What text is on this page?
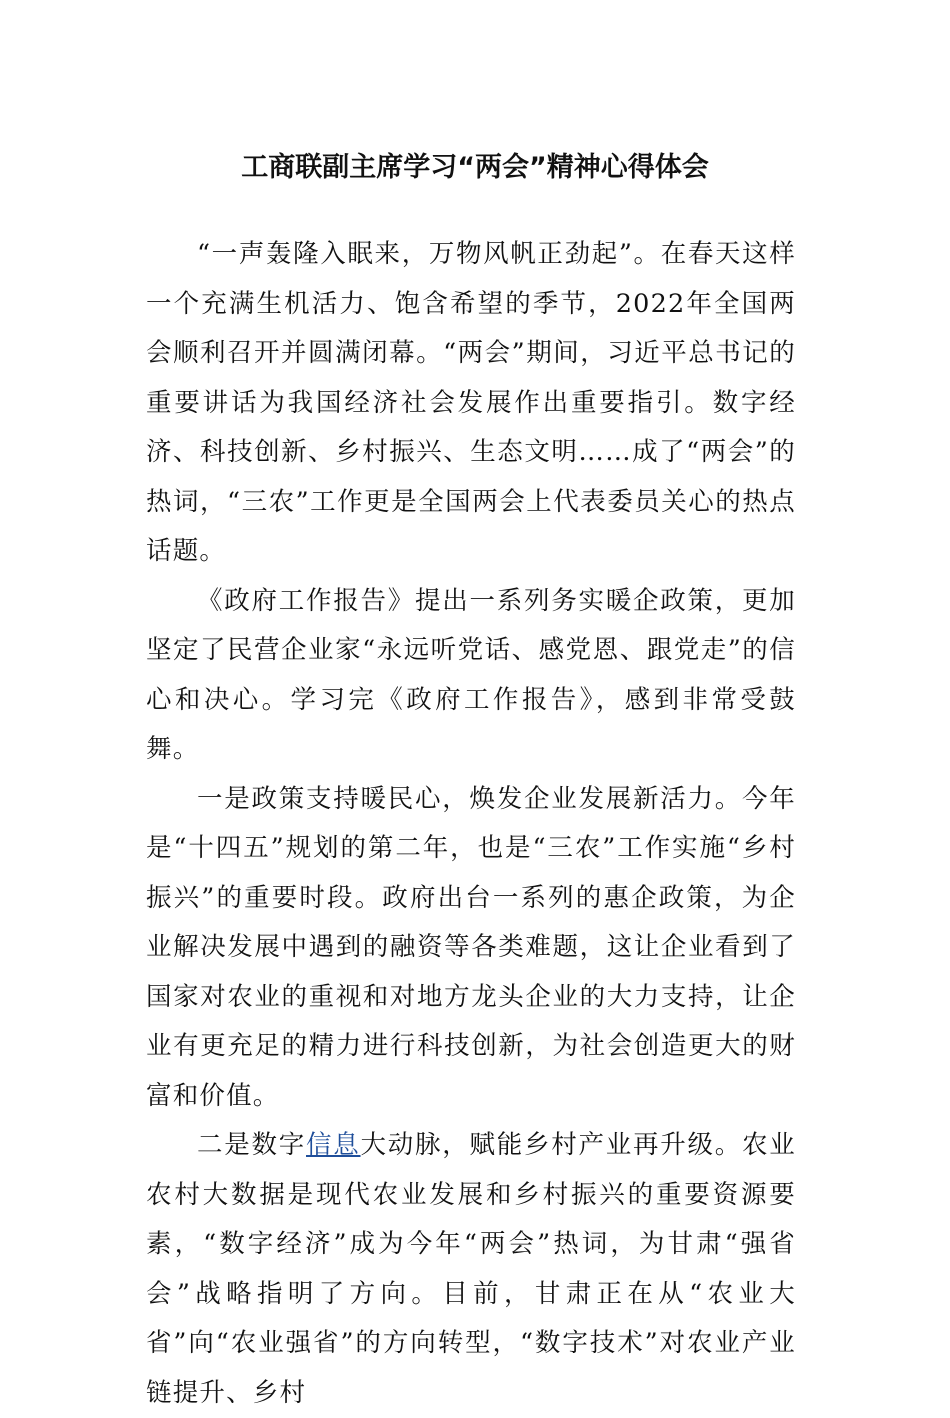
工商联副主席学习“两会”精神心得体会

“一声轰隆入眠来，万物风帆正劲起”。在春天这样一个充满生机活力、饱含希望的季节，2022年全国两会顺利召开并圆满闭幕。“两会”期间，习近平总书记的重要讲话为我国经济社会发展作出重要指引。数字经济、科技创新、乡村振兴、生态文明……成了“两会”的热词，“三农”工作更是全国两会上代表委员关心的热点话题。

《政府工作报告》提出一系列务实暖企政策，更加坚定了民营企业家“永远听党话、感党恩、跟党走”的信心和决心。学习完《政府工作报告》，感到非常受鼓舞。

一是政策支持暖民心，焕发企业发展新活力。今年是“十四五”规划的第二年，也是“三农”工作实施“乡村振兴”的重要时段。政府出台一系列的惠企政策，为企业解决发展中遇到的融资等各类难题，这让企业看到了国家对农业的重视和对地方龙头企业的大力支持，让企业有更充足的精力进行科技创新，为社会创造更大的财富和价值。

二是数字信息大动脉，赋能乡村产业再升级。农业农村大数据是现代农业发展和乡村振兴的重要资源要素，“数字经济”成为今年“两会”热词，为甘肃“强省会”战略指明了方向。目前，甘肃正在从“农业大省”向“农业强省”的方向转型，“数字技术”对农业产业链提升、乡村
